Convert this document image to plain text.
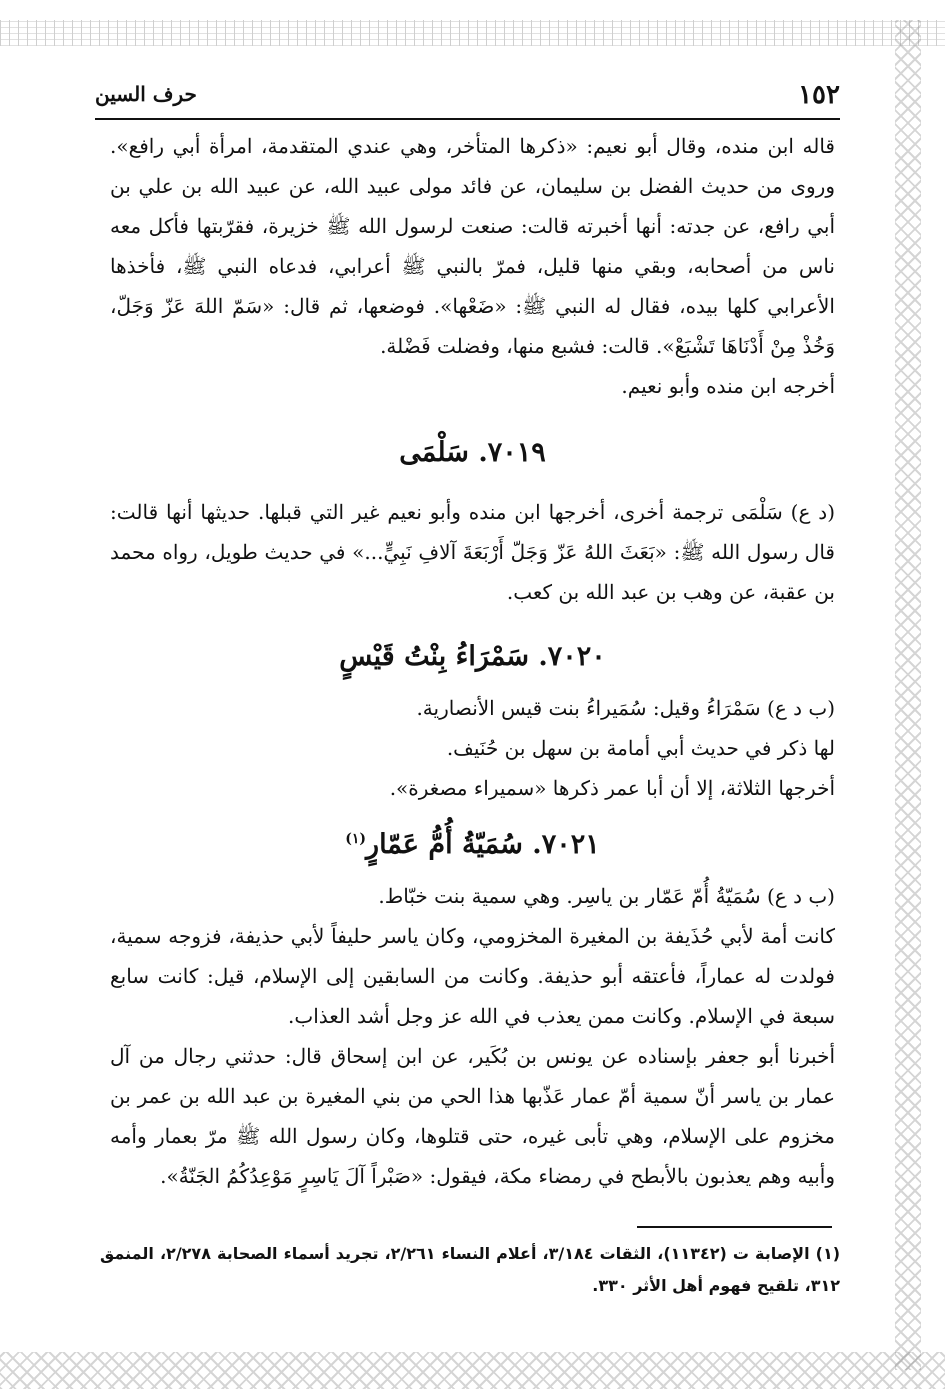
١٥٢
حرف السين

قاله ابن منده، وقال أبو نعيم: «ذكرها المتأخر، وهي عندي المتقدمة، امرأة أبي رافع». وروى من حديث الفضل بن سليمان، عن فائد مولى عبيد الله، عن عبيد الله بن علي بن أبي رافع، عن جدته: أنها أخبرته قالت: صنعت لرسول الله ﷺ خزيرة، فقرّبتها فأكل معه ناس من أصحابه، وبقي منها قليل، فمرّ بالنبي ﷺ أعرابي، فدعاه النبي ﷺ، فأخذها الأعرابي كلها بيده، فقال له النبي ﷺ: «ضَعْها». فوضعها، ثم قال: «سَمّ اللهَ عَزّ وَجَلّ، وَخُذْ مِنْ أَدْنَاهَا تَشْبَعْ». قالت: فشبع منها، وفضلت فَضْلة.

أخرجه ابن منده وأبو نعيم.

٧٠١٩. سَلْمَى

(د ع) سَلْمَى ترجمة أخرى، أخرجها ابن منده وأبو نعيم غير التي قبلها. حديثها أنها قالت: قال رسول الله ﷺ: «بَعَثَ اللهُ عَزّ وَجَلّ أَرْبَعَةَ آلافِ نَبِيٍّ...» في حديث طويل، رواه محمد بن عقبة، عن وهب بن عبد الله بن كعب.

٧٠٢٠. سَمْرَاءُ بِنْتُ قَيْسٍ

(ب د ع) سَمْرَاءُ وقيل: سُمَيراءُ بنت قيس الأنصارية.

لها ذكر في حديث أبي أمامة بن سهل بن حُنَيف.

أخرجها الثلاثة، إلا أن أبا عمر ذكرها «سميراء مصغرة».

٧٠٢١. سُمَيّةُ أُمُّ عَمّارٍ$^{(١)}$

(ب د ع) سُمَيّةُ أُمّ عَمّار بن ياسِر. وهي سمية بنت خبّاط.

كانت أمة لأبي حُذَيفة بن المغيرة المخزومي، وكان ياسر حليفاً لأبي حذيفة، فزوجه سمية، فولدت له عماراً، فأعتقه أبو حذيفة. وكانت من السابقين إلى الإسلام، قيل: كانت سابع سبعة في الإسلام. وكانت ممن يعذب في الله عز وجل أشد العذاب.

أخبرنا أبو جعفر بإسناده عن يونس بن بُكَير، عن ابن إسحاق قال: حدثني رجال من آل عمار بن ياسر أنّ سمية أمّ عمار عَذّبها هذا الحي من بني المغيرة بن عبد الله بن عمر بن مخزوم على الإسلام، وهي تأبى غيره، حتى قتلوها، وكان رسول الله ﷺ مرّ بعمار وأمه وأبيه وهم يعذبون بالأبطح في رمضاء مكة، فيقول: «صَبْراً آلَ يَاسِرٍ مَوْعِدُكُمُ الجَنّةُ».

(١) الإصابة ت (١١٣٤٢)، الثقات ٣/١٨٤، أعلام النساء ٢/٢٦١، تجريد أسماء الصحابة ٢/٢٧٨، المنمق ٣١٢، تلقيح فهوم أهل الأثر ٣٣٠.
